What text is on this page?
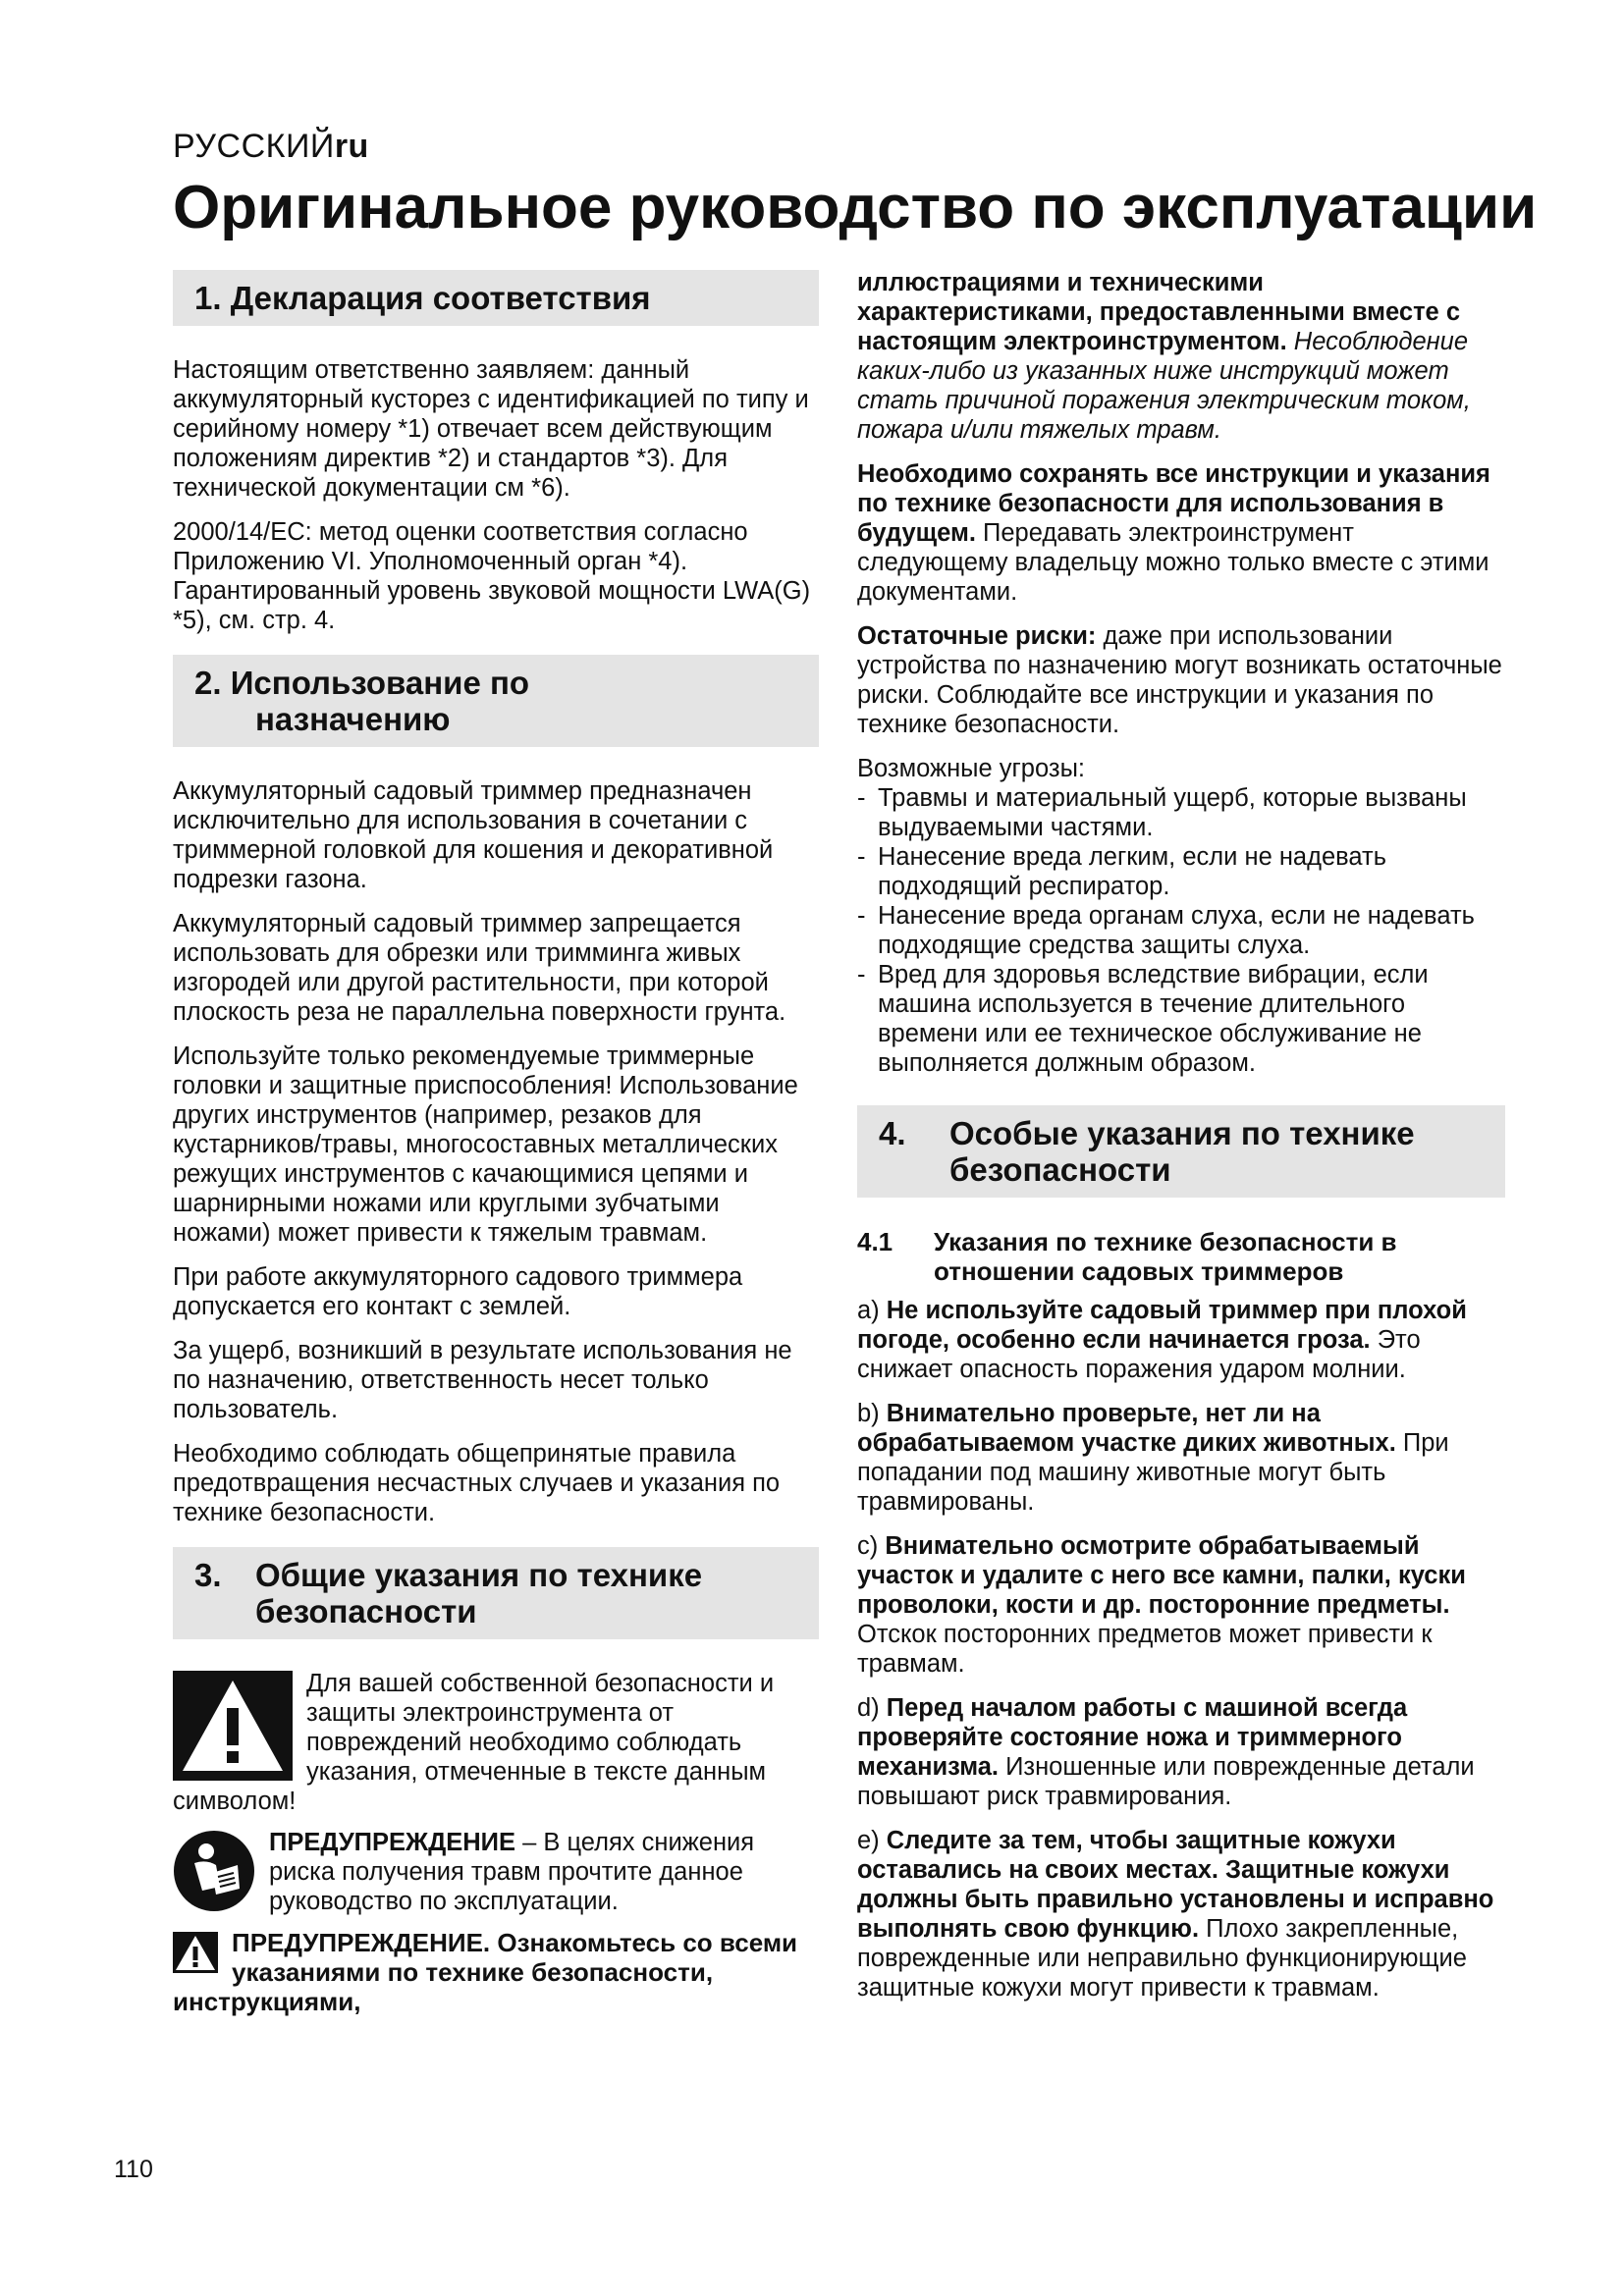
РУССКИЙru
Оригинальное руководство по эксплуатации
1. Декларация соответствия

Настоящим ответственно заявляем: данный аккумуляторный кусторез с идентификацией по типу и серийному номеру *1) отвечает всем действующим положениям директив *2) и стандартов *3). Для технической документации см *6).

2000/14/ЕС: метод оценки соответствия согласно Приложению VI. Уполномоченный орган *4). Гарантированный уровень звуковой мощности LWA(G) *5), см. стр. 4.

2. Использование по
назначению

Аккумуляторный садовый триммер предназначен исключительно для использования в сочетании с триммерной головкой для кошения и декоративной подрезки газона.

Аккумуляторный садовый триммер запрещается использовать для обрезки или тримминга живых изгородей или другой растительности, при которой плоскость реза не параллельна поверхности грунта.

Используйте только рекомендуемые триммерные головки и защитные приспособления! Использование других инструментов (например, резаков для кустарников/травы, многосоставных металлических режущих инструментов с качающимися цепями и шарнирными ножами или круглыми зубчатыми ножами) может привести к тяжелым травмам.

При работе аккумуляторного садового триммера допускается его контакт с землей.

За ущерб, возникший в результате использования не по назначению, ответственность несет только пользователь.

Необходимо соблюдать общепринятые правила предотвращения несчастных случаев и указания по технике безопасности.

3.	Общие указания по технике безопасности
Для вашей собственной безопасности и защиты электроинструмента от повреждений необходимо соблюдать указания, отмеченные в тексте данным символом!
ПРЕДУПРЕЖДЕНИЕ – В целях снижения риска получения травм прочтите данное руководство по эксплуатации.
ПРЕДУПРЕЖДЕНИЕ. Ознакомьтесь со всеми указаниями по технике безопасности, инструкциями,

иллюстрациями и техническими характеристиками, предоставленными вместе с настоящим электроинструментом. Несоблюдение каких-либо из указанных ниже инструкций может стать причиной поражения электрическим током, пожара и/или тяжелых травм.

Необходимо сохранять все инструкции и указания по технике безопасности для использования в будущем. Передавать электроинструмент следующему владельцу можно только вместе с этими документами.

Остаточные риски: даже при использовании устройства по назначению могут возникать остаточные риски. Соблюдайте все инструкции и указания по технике безопасности.

Возможные угрозы:

- Травмы и материальный ущерб, которые вызваны выдуваемыми частями.
- Нанесение вреда легким, если не надевать подходящий респиратор.
- Нанесение вреда органам слуха, если не надевать подходящие средства защиты слуха.
- Вред для здоровья вследствие вибрации, если машина используется в течение длительного времени или ее техническое обслуживание не выполняется должным образом.
4.	Особые указания по технике безопасности
4.1	Указания по технике безопасности в отношении садовых триммеров

a) Не используйте садовый триммер при плохой погоде, особенно если начинается гроза. Это снижает опасность поражения ударом молнии.

b) Внимательно проверьте, нет ли на обрабатываемом участке диких животных. При попадании под машину животные могут быть травмированы.

c) Внимательно осмотрите обрабатываемый участок и удалите с него все камни, палки, куски проволоки, кости и др. посторонние предметы. Отскок посторонних предметов может привести к травмам.

d) Перед началом работы с машиной всегда проверяйте состояние ножа и триммерного механизма. Изношенные или поврежденные детали повышают риск травмирования.

e) Следите за тем, чтобы защитные кожухи оставались на своих местах. Защитные кожухи должны быть правильно установлены и исправно выполнять свою функцию. Плохо закрепленные, поврежденные или неправильно функционирующие защитные кожухи могут привести к травмам.

110
